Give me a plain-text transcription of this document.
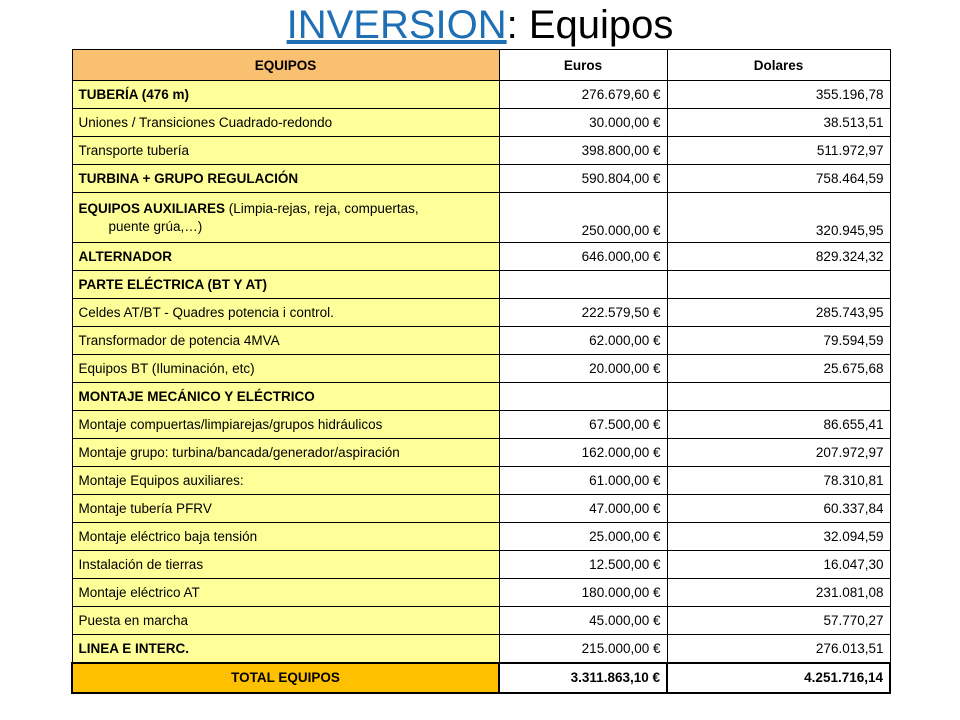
INVERSION: Equipos
EQUIPOS	Euros	Dolares
TUBERÍA (476 m)	276.679,60 €	355.196,78
Uniones / Transiciones Cuadrado-redondo	30.000,00 €	38.513,51
Transporte tubería	398.800,00 €	511.972,97
TURBINA + GRUPO REGULACIÓN	590.804,00 €	758.464,59
EQUIPOS AUXILIARES (Limpia-rejas, reja, compuertas,
puente grúa,…)	250.000,00 €	320.945,95
ALTERNADOR	646.000,00 €	829.324,32
PARTE ELÉCTRICA (BT Y AT)		
Celdes AT/BT - Quadres potencia i control.	222.579,50 €	285.743,95
Transformador de potencia 4MVA	62.000,00 €	79.594,59
Equipos BT (Iluminación, etc)	20.000,00 €	25.675,68
MONTAJE MECÁNICO Y ELÉCTRICO		
Montaje compuertas/limpiarejas/grupos hidráulicos	67.500,00 €	86.655,41
Montaje grupo: turbina/bancada/generador/aspiración	162.000,00 €	207.972,97
Montaje Equipos auxiliares:	61.000,00 €	78.310,81
Montaje tubería PFRV	47.000,00 €	60.337,84
Montaje eléctrico baja tensión	25.000,00 €	32.094,59
Instalación de tierras	12.500,00 €	16.047,30
Montaje eléctrico AT	180.000,00 €	231.081,08
Puesta en marcha	45.000,00 €	57.770,27
LINEA E INTERC.	215.000,00 €	276.013,51
TOTAL EQUIPOS	3.311.863,10 €	4.251.716,14
